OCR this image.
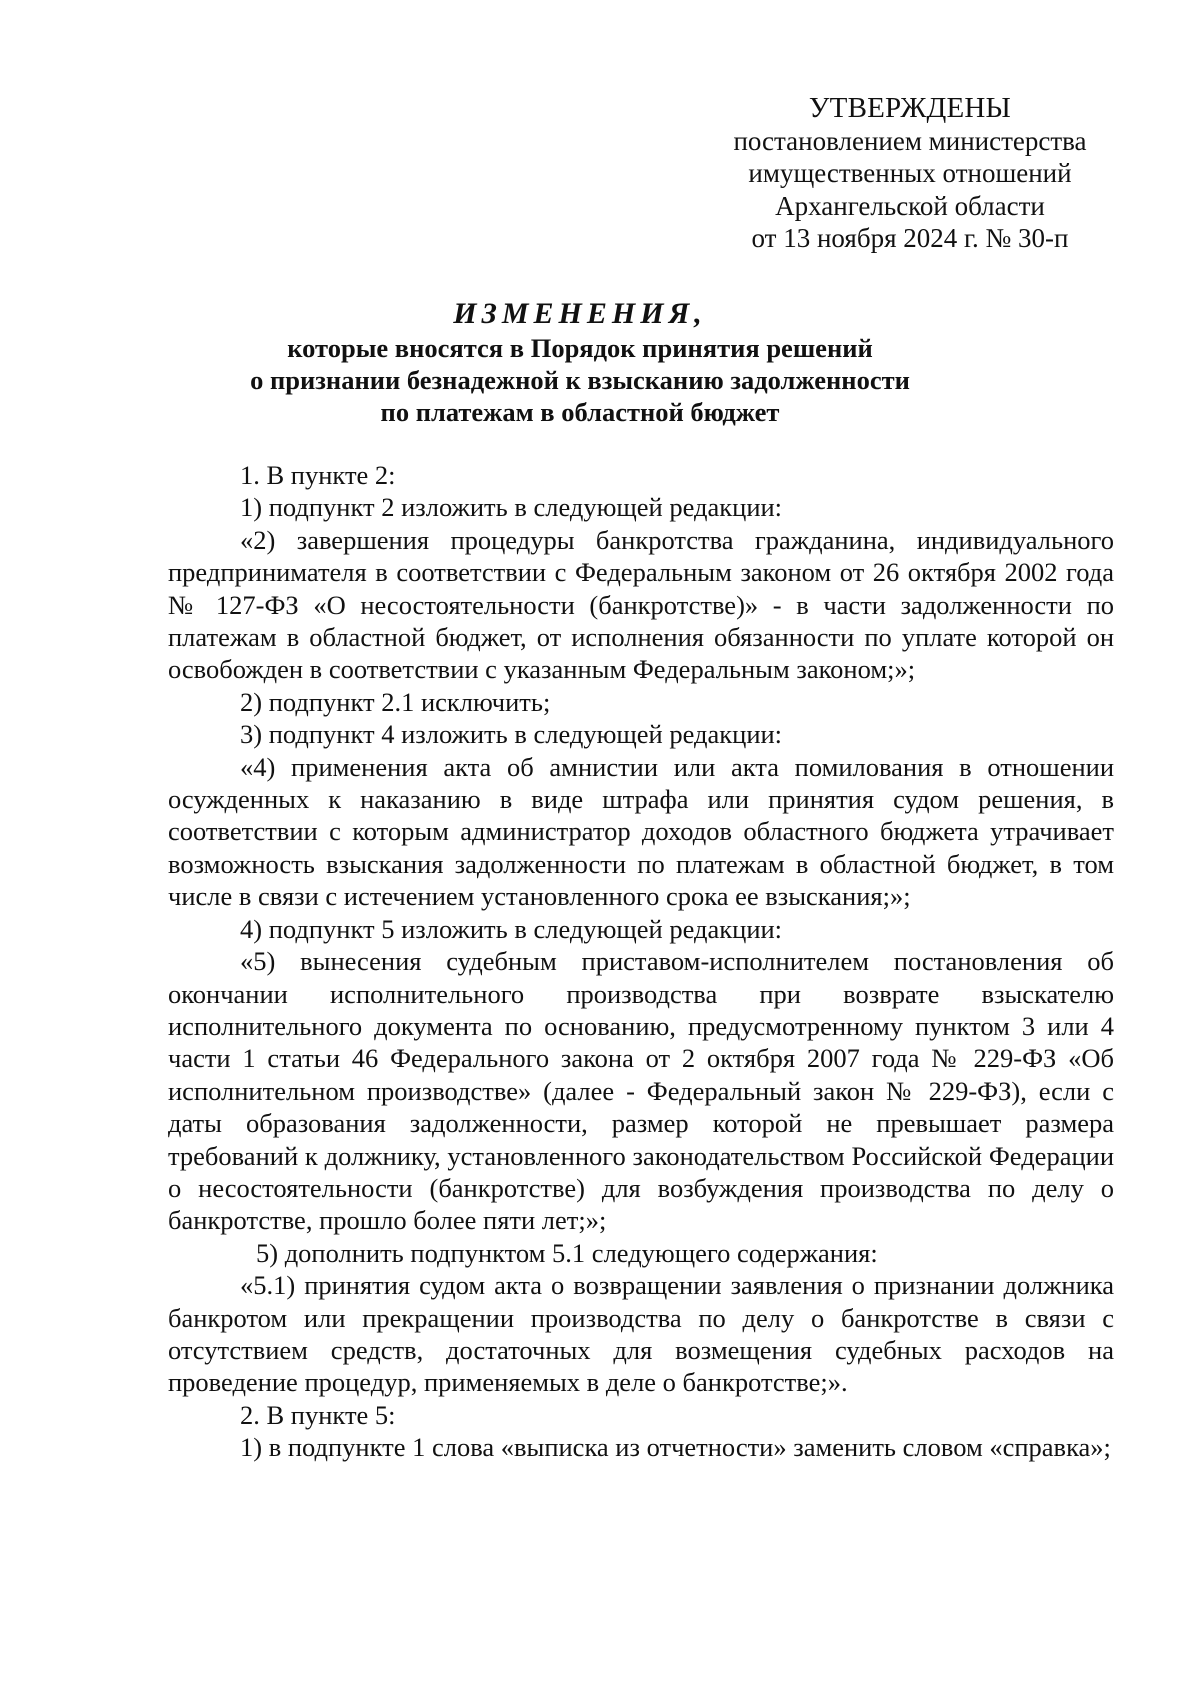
УТВЕРЖДЕНЫ
постановлением министерства
имущественных отношений
Архангельской области
от 13 ноября 2024 г. № 30-п
ИЗМЕНЕНИЯ,
которые вносятся в Порядок принятия решений
о признании безнадежной к взысканию задолженности
по платежам в областной бюджет

1. В пункте 2:

1) подпункт 2 изложить в следующей редакции:

«2) завершения процедуры банкротства гражданина, индивидуального предпринимателя в соответствии с Федеральным законом от 26 октября 2002 года № 127-ФЗ «О несостоятельности (банкротстве)» - в части задолженности по платежам в областной бюджет, от исполнения обязанности по уплате которой он освобожден в соответствии с указанным Федеральным законом;»;

2) подпункт 2.1 исключить;

3) подпункт 4 изложить в следующей редакции:

«4) применения акта об амнистии или акта помилования в отношении осужденных к наказанию в виде штрафа или принятия судом решения, в соответствии с которым администратор доходов областного бюджета утрачивает возможность взыскания задолженности по платежам в областной бюджет, в том числе в связи с истечением установленного срока ее взыскания;»;

4) подпункт 5 изложить в следующей редакции:

«5) вынесения судебным приставом-исполнителем постановления об окончании исполнительного производства при возврате взыскателю исполнительного документа по основанию, предусмотренному пунктом 3 или 4 части 1 статьи 46 Федерального закона от 2 октября 2007 года № 229-ФЗ «Об исполнительном производстве» (далее - Федеральный закон № 229-ФЗ), если с даты образования задолженности, размер которой не превышает размера требований к должнику, установленного законодательством Российской Федерации о несостоятельности (банкротстве) для возбуждения производства по делу о банкротстве, прошло более пяти лет;»;

5) дополнить подпунктом 5.1 следующего содержания:

«5.1) принятия судом акта о возвращении заявления о признании должника банкротом или прекращении производства по делу о банкротстве в связи с отсутствием средств, достаточных для возмещения судебных расходов на проведение процедур, применяемых в деле о банкротстве;».

2. В пункте 5:

1) в подпункте 1 слова «выписка из отчетности» заменить словом «справка»;
